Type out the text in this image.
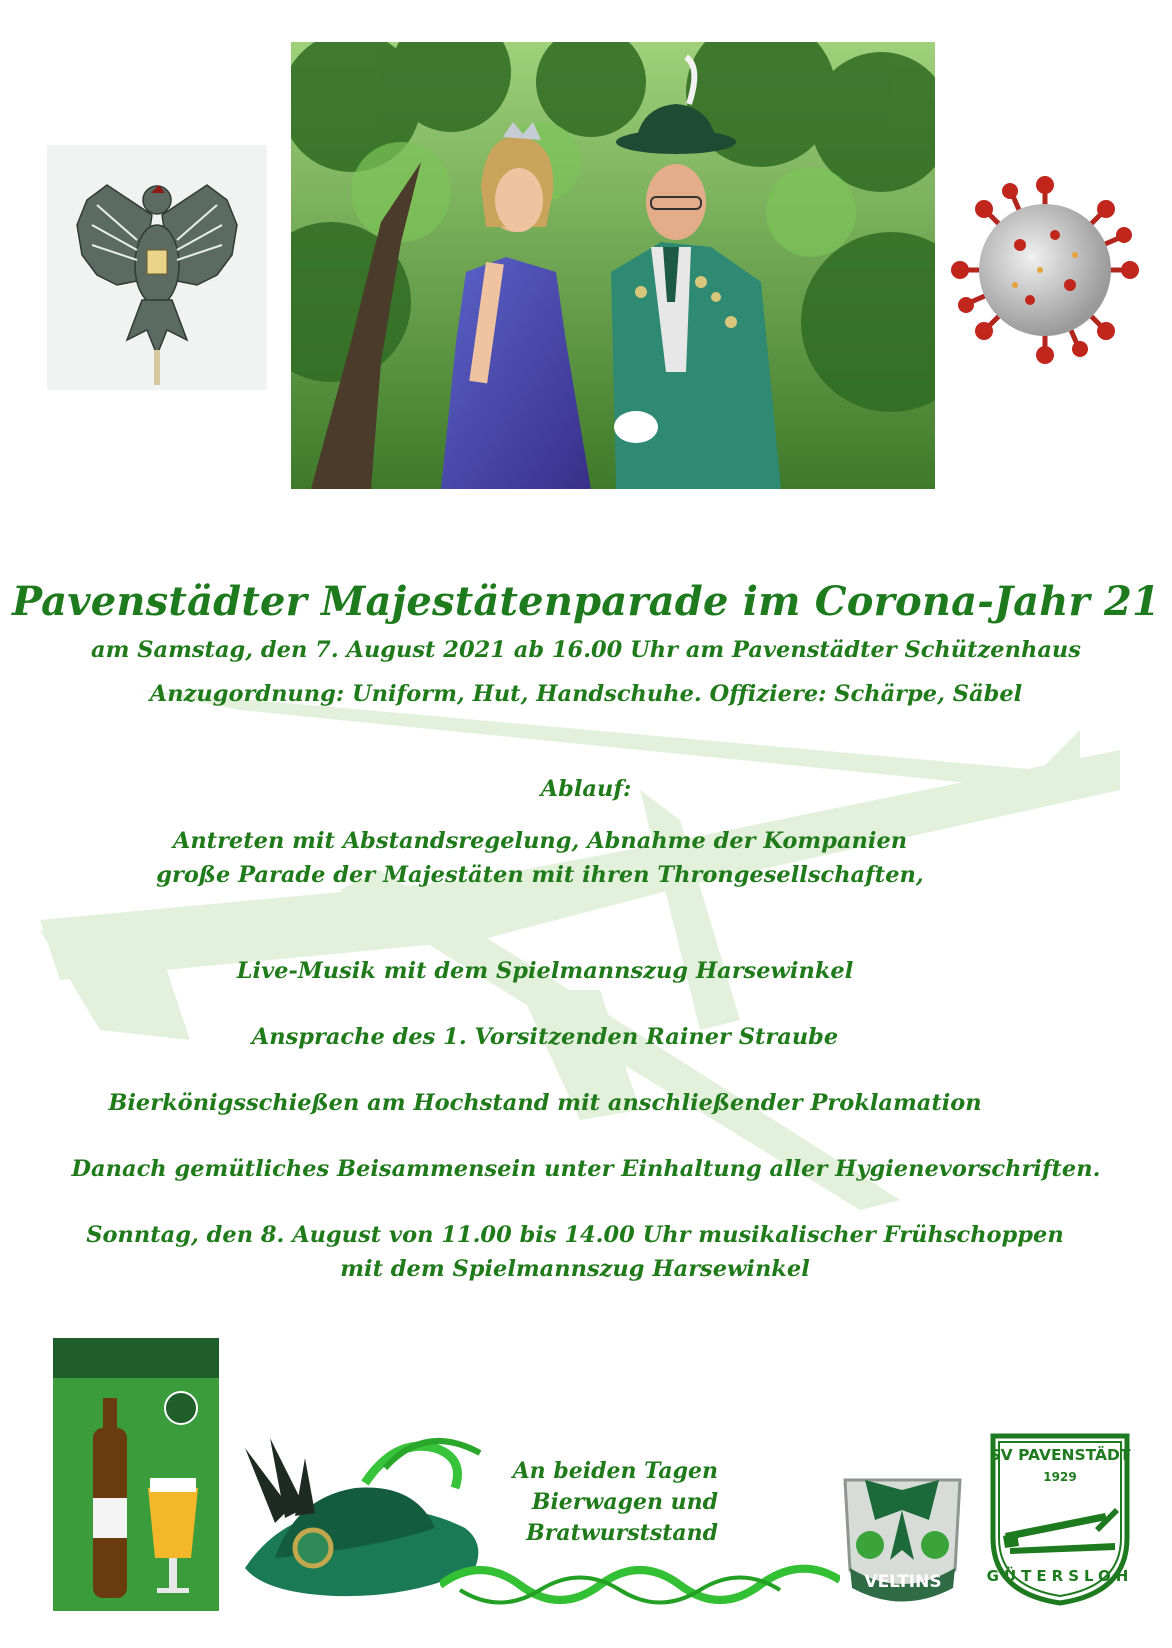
Pavenstädter Majestätenparade im Corona-Jahr 21
am Samstag, den 7. August 2021 ab 16.00 Uhr am Pavenstädter Schützenhaus
Anzugordnung: Uniform, Hut, Handschuhe. Offiziere: Schärpe, Säbel
Ablauf:
Antreten mit Abstandsregelung, Abnahme der Kompanien
große Parade der Majestäten mit ihren Throngesellschaften,
Live-Musik mit dem Spielmannszug Harsewinkel
Ansprache des 1. Vorsitzenden Rainer Straube
Bierkönigsschießen am Hochstand mit anschließender Proklamation
Danach gemütliches Beisammensein unter Einhaltung aller Hygienevorschriften.
Sonntag, den 8. August von 11.00 bis 14.00 Uhr musikalischer Frühschoppen
mit dem Spielmannszug Harsewinkel
An beiden Tagen
Bierwagen und
Bratwurststand
VELTINS
SV PAVENSTÄDT
1929
GÜTERSLOH
